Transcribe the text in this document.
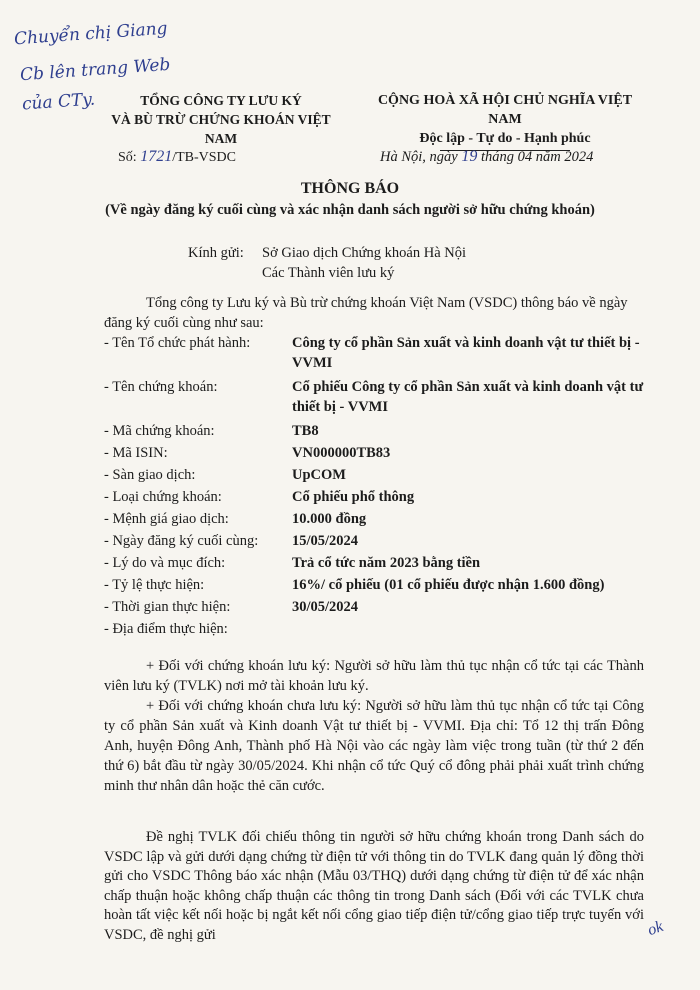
Chuyển chị Giang
Cb lên trang Web
của CTy.	TỔNG CÔNG TY LƯU KÝ
VÀ BÙ TRỪ CHỨNG KHOÁN VIỆT NAM
CỘNG HOÀ XÃ HỘI CHỦ NGHĨA VIỆT NAM
Độc lập - Tự do - Hạnh phúc
Số: 1721/TB-VSDC	Hà Nội, ngày 19 tháng 04 năm 2024
THÔNG BÁO
(Về ngày đăng ký cuối cùng và xác nhận danh sách người sở hữu chứng khoán)
Kính gửi: Sở Giao dịch Chứng khoán Hà Nội
Các Thành viên lưu ký
Tổng công ty Lưu ký và Bù trừ chứng khoán Việt Nam (VSDC) thông báo về ngày đăng ký cuối cùng như sau:
- Tên Tổ chức phát hành:	Công ty cổ phần Sản xuất và kinh doanh vật tư thiết bị - VVMI
- Tên chứng khoán:	Cổ phiếu Công ty cổ phần Sản xuất và kinh doanh vật tư thiết bị - VVMI
- Mã chứng khoán:	TB8
- Mã ISIN:	VN000000TB83
- Sàn giao dịch:	UpCOM
- Loại chứng khoán:	Cổ phiếu phổ thông
- Mệnh giá giao dịch:	10.000 đồng
- Ngày đăng ký cuối cùng:	15/05/2024
- Lý do và mục đích:	Trả cổ tức năm 2023 bằng tiền
- Tỷ lệ thực hiện:	16%/ cổ phiếu (01 cổ phiếu được nhận 1.600 đồng)
- Thời gian thực hiện:	30/05/2024
- Địa điểm thực hiện:
+ Đối với chứng khoán lưu ký: Người sở hữu làm thủ tục nhận cổ tức tại các Thành viên lưu ký (TVLK) nơi mở tài khoản lưu ký.
+ Đối với chứng khoán chưa lưu ký: Người sở hữu làm thủ tục nhận cổ tức tại Công ty cổ phần Sản xuất và Kinh doanh Vật tư thiết bị - VVMI. Địa chỉ: Tổ 12 thị trấn Đông Anh, huyện Đông Anh, Thành phố Hà Nội vào các ngày làm việc trong tuần (từ thứ 2 đến thứ 6) bắt đầu từ ngày 30/05/2024. Khi nhận cổ tức Quý cổ đông phải phải xuất trình chứng minh thư nhân dân hoặc thẻ căn cước.
Đề nghị TVLK đối chiếu thông tin người sở hữu chứng khoán trong Danh sách do VSDC lập và gửi dưới dạng chứng từ điện tử với thông tin do TVLK đang quản lý đồng thời gửi cho VSDC Thông báo xác nhận (Mẫu 03/THQ) dưới dạng chứng từ điện tử để xác nhận chấp thuận hoặc không chấp thuận các thông tin trong Danh sách (Đối với các TVLK chưa hoàn tất việc kết nối hoặc bị ngắt kết nối cổng giao tiếp điện tử/cổng giao tiếp trực tuyến với VSDC, đề nghị gửi	ok
